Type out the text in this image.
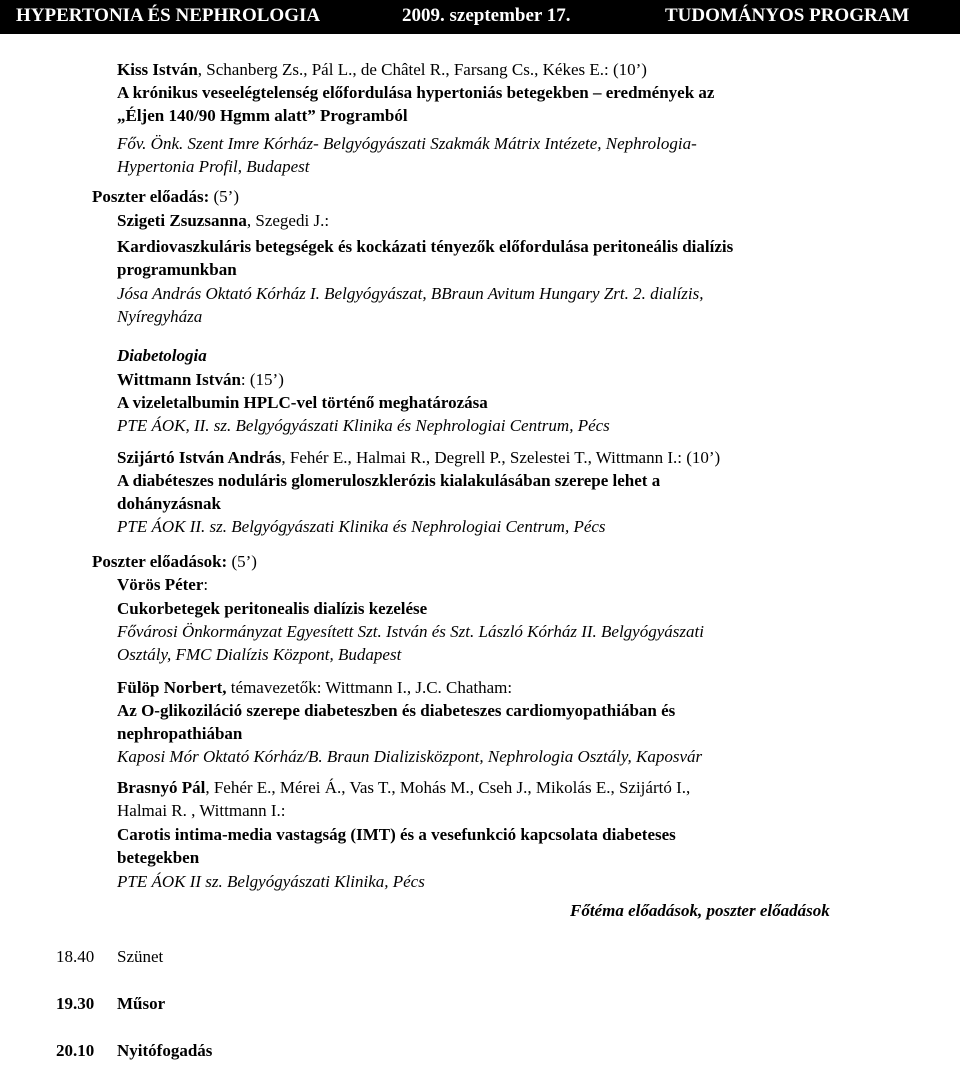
HYPERTONIA ÉS NEPHROLOGIA	2009. szeptember 17.	TUDOMÁNYOS PROGRAM
Kiss István, Schanberg Zs., Pál L., de Châtel R., Farsang Cs., Kékes E.: (10’)
A krónikus veseelégtelenség előfordulása hypertoniás betegekben – eredmények az
„Éljen 140/90 Hgmm alatt” Programból
Főv. Önk. Szent Imre Kórház- Belgyógyászati Szakmák Mátrix Intézete, Nephrologia-
Hypertonia Profil, Budapest
Poszter előadás: (5’)
Szigeti Zsuzsanna, Szegedi J.:
Kardiovaszkuláris betegségek és kockázati tényezők előfordulása peritoneális dialízis
programunkban
Jósa András Oktató Kórház I. Belgyógyászat, BBraun Avitum Hungary Zrt. 2. dialízis,
Nyíregyháza
Diabetologia
Wittmann István: (15’)
A vizeletalbumin HPLC-vel történő meghatározása
PTE ÁOK, II. sz. Belgyógyászati Klinika és Nephrologiai Centrum, Pécs
Szijártó István András, Fehér E., Halmai R., Degrell P., Szelestei T., Wittmann I.: (10’)
A diabéteszes noduláris glomeruloszklerózis kialakulásában szerepe lehet a
dohányzásnak
PTE ÁOK II. sz. Belgyógyászati Klinika és Nephrologiai Centrum, Pécs
Poszter előadások: (5’)
Vörös Péter:
Cukorbetegek peritonealis dialízis kezelése
Fővárosi Önkormányzat Egyesített Szt. István és Szt. László Kórház II. Belgyógyászati
Osztály, FMC Dialízis Központ, Budapest
Fülöp Norbert, témavezetők: Wittmann I., J.C. Chatham:
Az O-glikoziláció szerepe diabeteszben és diabeteszes cardiomyopathiában és
nephropathiában
Kaposi Mór Oktató Kórház/B. Braun Dializisközpont, Nephrologia Osztály, Kaposvár
Brasnyó Pál, Fehér E., Mérei Á., Vas T., Mohás M., Cseh J., Mikolás E., Szijártó I.,
Halmai R. , Wittmann I.:
Carotis intima-media vastagság (IMT) és a vesefunkció kapcsolata diabeteses
betegekben
PTE ÁOK II sz. Belgyógyászati Klinika, Pécs
Főtéma előadások, poszter előadások
18.40 Szünet
19.30 Műsor
20.10 Nyitófogadás
